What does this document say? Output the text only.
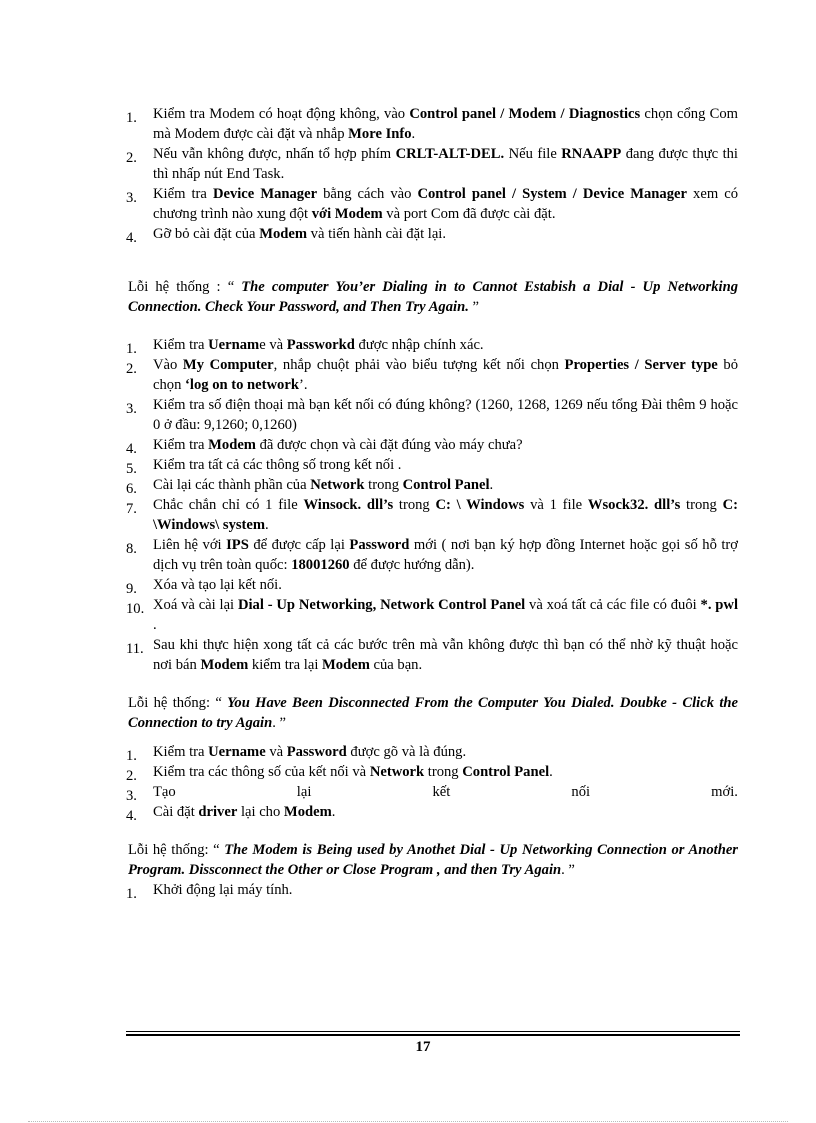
1.	Kiểm tra Modem có hoạt động không, vào Control panel / Modem / Diagnostics chọn cổng Com mà Modem được cài đặt và nhắp More Info.
2.	Nếu vẫn không được, nhấn tổ hợp phím CRLT-ALT-DEL. Nếu file RNAAPP đang được thực thi thì nhấp nút End Task.
3.	Kiểm tra Device Manager bằng cách vào Control panel / System / Device Manager xem có chương trình nào xung đột với Modem và port Com đã được cài đặt.
4.	Gỡ bỏ cài đặt của Modem và tiến hành cài đặt lại.

Lỗi hệ thống : “ The computer You’er Dialing in to Cannot Estabish a Dial - Up Networking Connection. Check Your Password, and Then Try Again. ”

1.	Kiểm tra Uername và Passworkd được nhập chính xác.
2.	Vào My Computer, nhắp chuột phải vào biểu tượng kết nối chọn Properties / Server type bỏ chọn ‘log on to network’.
3.	Kiểm tra số điện thoại mà bạn kết nối có đúng không? (1260, 1268, 1269 nếu tổng Đài thêm 9 hoặc 0 ở đầu: 9,1260; 0,1260)
4.	Kiểm tra Modem đã được chọn và cài đặt đúng vào máy chưa?
5.	Kiểm tra tất cả các thông số trong kết nối .
6.	Cài lại các thành phần của Network trong Control Panel.
7.	Chắc chắn chỉ có 1 file Winsock. dll’s trong C: \ Windows và 1 file Wsock32. dll’s trong C: \Windows\ system.
8.	Liên hệ với IPS để được cấp lại Password mới ( nơi bạn ký hợp đồng Internet hoặc gọi số hỗ trợ dịch vụ trên toàn quốc: 18001260 để được hướng dẫn).
9.	Xóa và tạo lại kết nối.
10. Xoá và cài lại Dial - Up Networking, Network Control Panel và xoá tất cả các file có đuôi *. pwl .
11. Sau khi thực hiện xong tất cả các bước trên mà vẫn không được thì bạn có thể nhờ kỹ thuật hoặc nơi bán Modem kiểm tra lại Modem của bạn.

Lỗi hệ thống: “ You Have Been Disconnected From the Computer You Dialed. Doubke - Click the Connection to try Again. ”

1.	Kiểm tra Uername và Password được gõ và là đúng.
2.	Kiểm tra các thông số của kết nối và Network trong Control Panel.
3.	Tạo	lại	kết	nối	mới.
4.	Cài đặt driver lại cho Modem.

Lỗi hệ thống: “ The Modem is Being used by Anothet Dial - Up Networking Connection or Another Program. Dissconnect the Other or Close Program , and then Try Again. ”

1.	Khởi động lại máy tính.
17
